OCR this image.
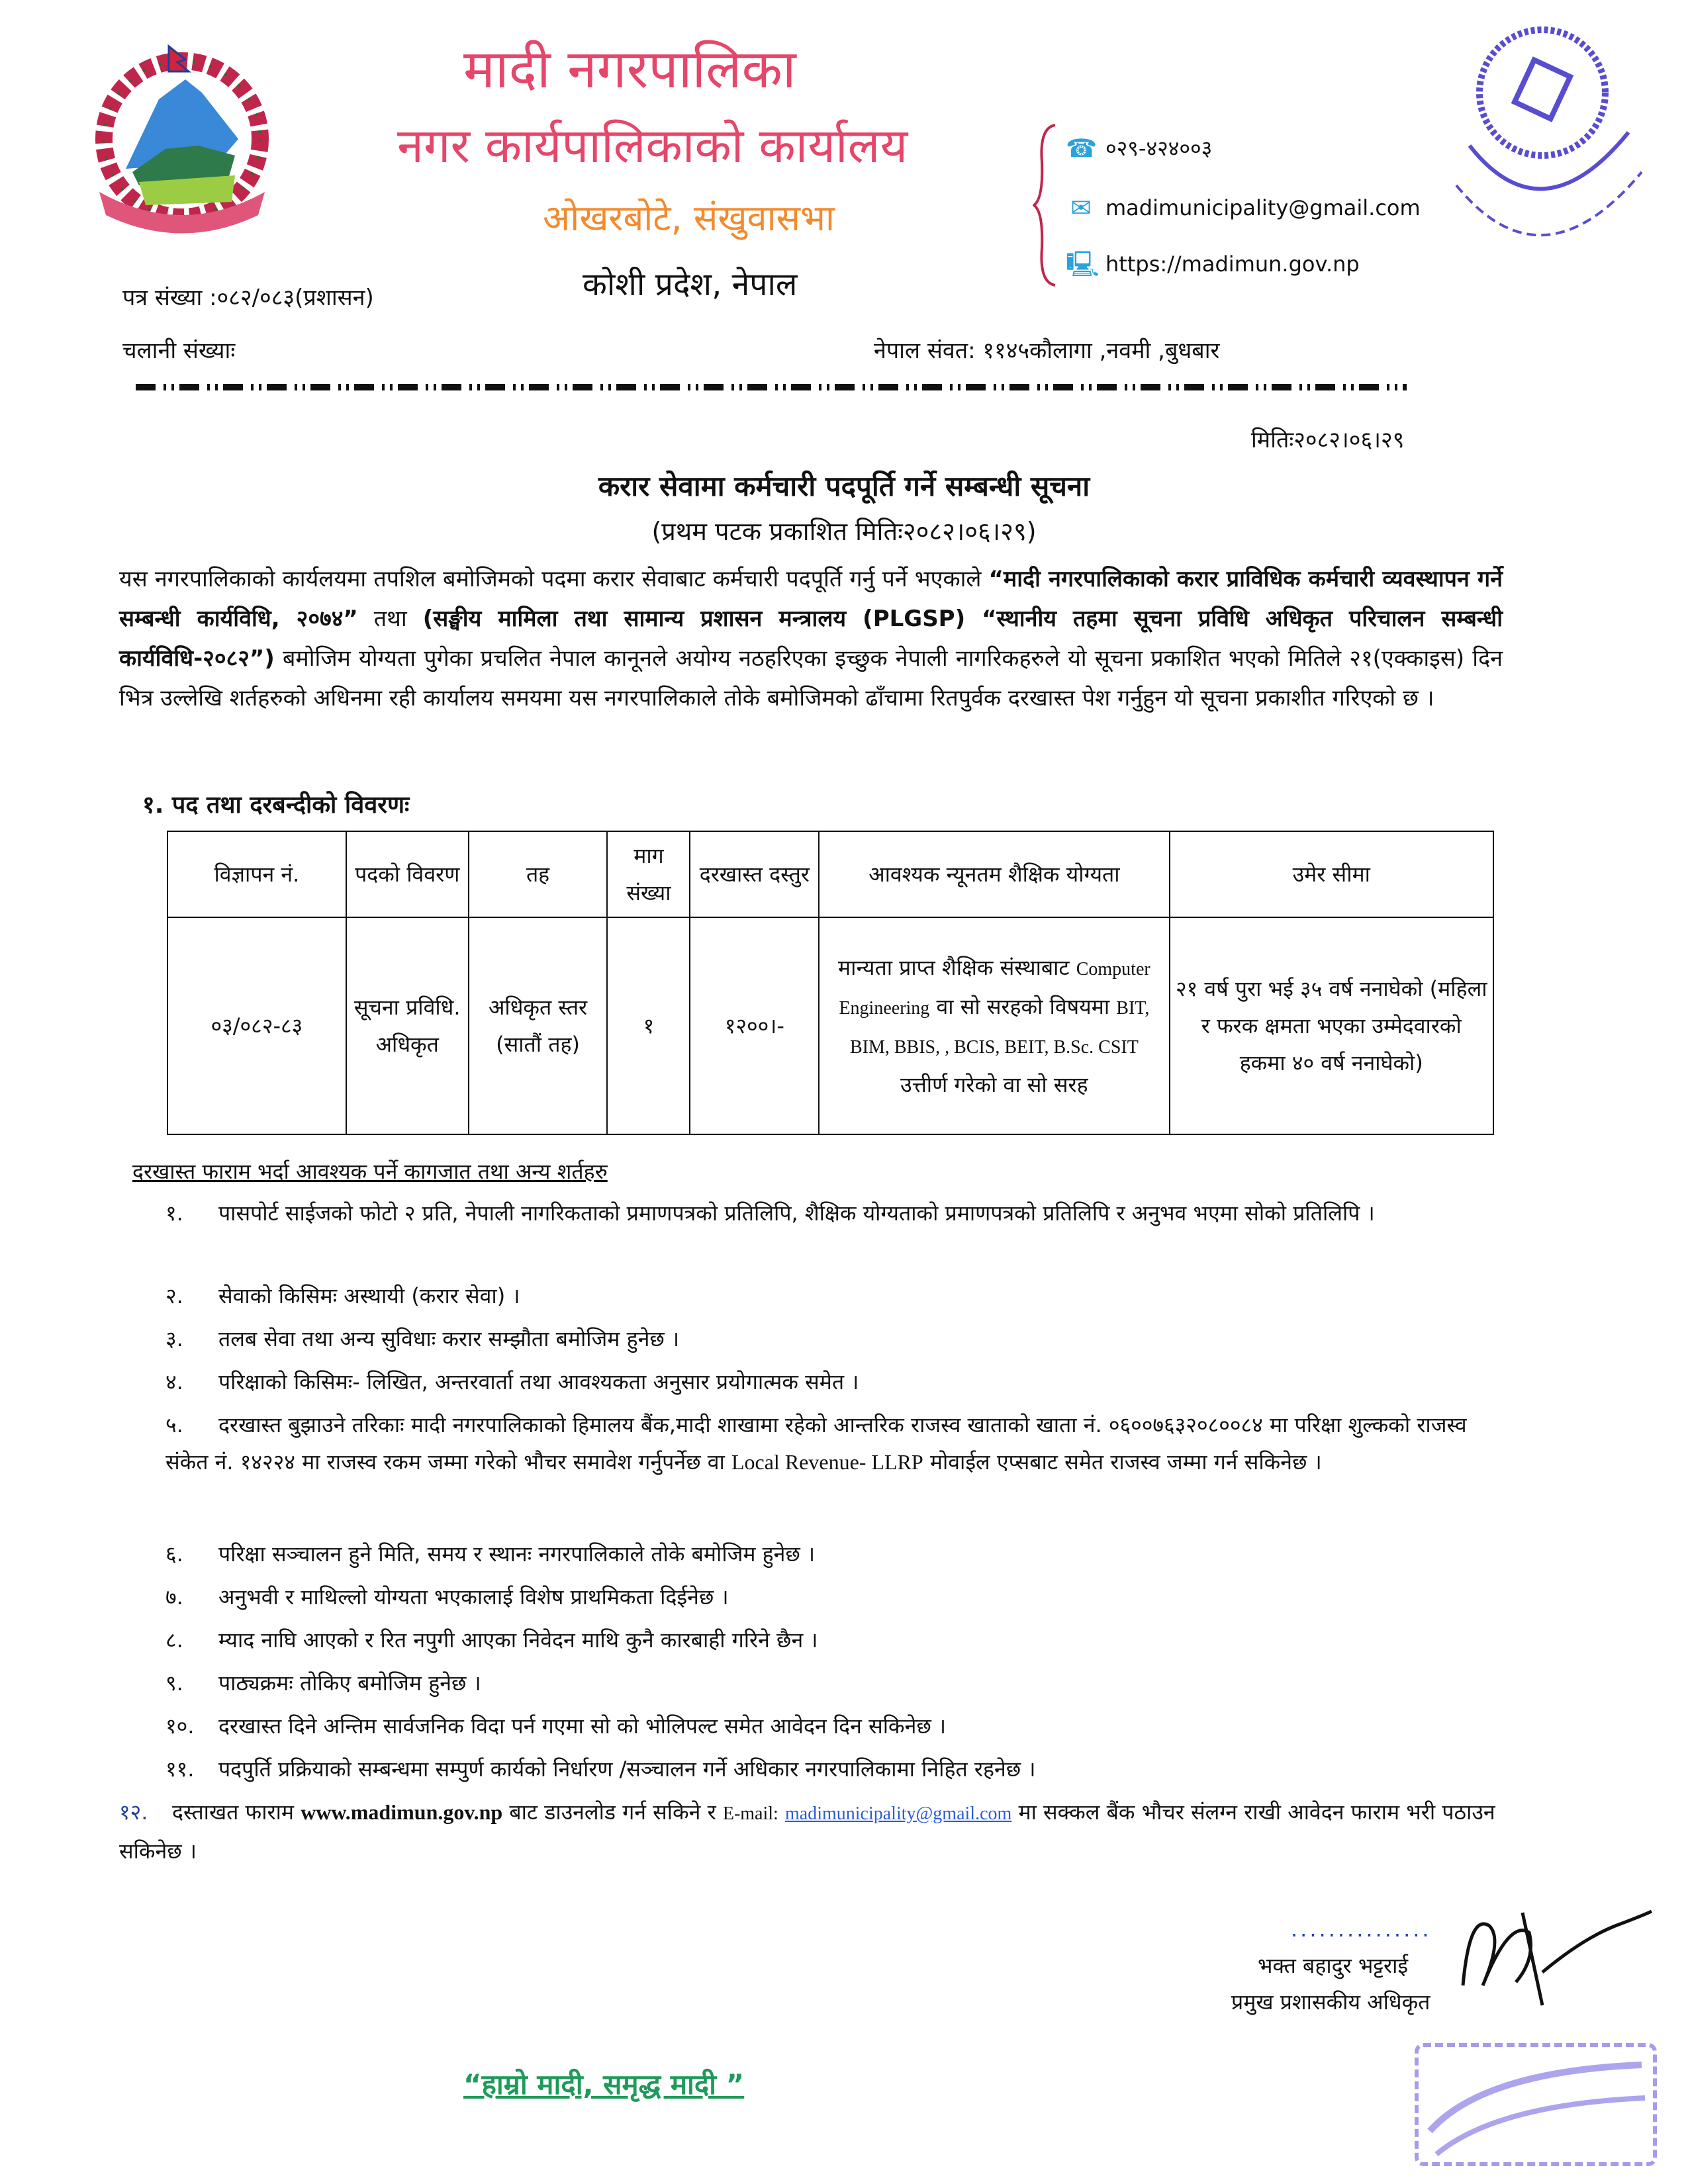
मादी नगरपालिका
नगर कार्यपालिकाको कार्यालय
ओखरबोटे, संखुवासभा
कोशी प्रदेश, नेपाल
☎ ०२९-४२४००३
✉ madimunicipality@gmail.com
🖳 https://madimun.gov.np
पत्र संख्या :०८२/०८३(प्रशासन)
चलानी संख्याः	नेपाल संवत: ११४५कौलागा ,नवमी ,बुधबार
मितिः२०८२।०६।२९
करार सेवामा कर्मचारी पदपूर्ति गर्ने सम्बन्धी सूचना
(प्रथम पटक प्रकाशित मितिः२०८२।०६।२९)
यस नगरपालिकाको कार्यलयमा तपशिल बमोजिमको पदमा करार सेवाबाट कर्मचारी पदपूर्ति गर्नु पर्ने भएकाले “मादी नगरपालिकाको करार प्राविधिक कर्मचारी व्यवस्थापन गर्ने सम्बन्धी कार्यविधि, २०७४” तथा (सङ्घीय मामिला तथा सामान्य प्रशासन मन्त्रालय (PLGSP) “स्थानीय तहमा सूचना प्रविधि अधिकृत परिचालन सम्बन्धी कार्यविधि-२०८२”) बमोजिम योग्यता पुगेका प्रचलित नेपाल कानूनले अयोग्य नठहरिएका इच्छुक नेपाली नागरिकहरुले यो सूचना प्रकाशित भएको मितिले २१(एक्काइस) दिन भित्र उल्लेखि शर्तहरुको अधिनमा रही कार्यालय समयमा यस नगरपालिकाले तोके बमोजिमको ढाँचामा रितपुर्वक दरखास्त पेश गर्नुहुन यो सूचना प्रकाशीत गरिएको छ ।
१. पद तथा दरबन्दीको विवरणः
विज्ञापन नं.	पदको विवरण	तह	माग संख्या	दरखास्त दस्तुर	आवश्यक न्यूनतम शैक्षिक योग्यता	उमेर सीमा
०३/०८२-८३	सूचना प्रविधि. अधिकृत	अधिकृत स्तर (सातौं तह)	१	१२००।-	मान्यता प्राप्त शैक्षिक संस्थाबाट Computer Engineering वा सो सरहको विषयमा BIT, BIM, BBIS, , BCIS, BEIT, B.Sc. CSIT उत्तीर्ण गरेको वा सो सरह	२१ वर्ष पुरा भई ३५ वर्ष ननाघेको (महिला र फरक क्षमता भएका उम्मेदवारको हकमा ४० वर्ष ननाघेको)
दरखास्त फाराम भर्दा आवश्यक पर्ने कागजात तथा अन्य शर्तहरु
१. पासपोर्ट साईजको फोटो २ प्रति, नेपाली नागरिकताको प्रमाणपत्रको प्रतिलिपि, शैक्षिक योग्यताको प्रमाणपत्रको प्रतिलिपि र अनुभव भएमा सोको प्रतिलिपि ।
२. सेवाको किसिमः अस्थायी (करार सेवा) ।
३. तलब सेवा तथा अन्य सुविधाः करार सम्झौता बमोजिम हुनेछ ।
४. परिक्षाको किसिमः- लिखित, अन्तरवार्ता तथा आवश्यकता अनुसार प्रयोगात्मक समेत ।
५. दरखास्त बुझाउने तरिकाः मादी नगरपालिकाको हिमालय बैंक,मादी शाखामा रहेको आन्तरिक राजस्व खाताको खाता नं. ०६००७६३२०८००८४ मा परिक्षा शुल्कको राजस्व संकेत नं. १४२२४ मा राजस्व रकम जम्मा गरेको भौचर समावेश गर्नुपर्नेछ वा Local Revenue- LLRP मोवाईल एप्सबाट समेत राजस्व जम्मा गर्न सकिनेछ ।
६. परिक्षा सञ्चालन हुने मिति, समय र स्थानः नगरपालिकाले तोके बमोजिम हुनेछ ।
७. अनुभवी र माथिल्लो योग्यता भएकालाई विशेष प्राथमिकता दिईनेछ ।
८. म्याद नाघि आएको र रित नपुगी आएका निवेदन माथि कुनै कारबाही गरिने छैन ।
९. पाठ्यक्रमः तोकिए बमोजिम हुनेछ ।
१०. दरखास्त दिने अन्तिम सार्वजनिक विदा पर्न गएमा सो को भोलिपल्ट समेत आवेदन दिन सकिनेछ ।
११. पदपुर्ति प्रक्रियाको सम्बन्धमा सम्पुर्ण कार्यको निर्धारण /सञ्चालन गर्ने अधिकार नगरपालिकामा निहित रहनेछ ।
१२. दस्ताखत फाराम www.madimun.gov.np बाट डाउनलोड गर्न सकिने र E-mail: madimunicipality@gmail.com मा सक्कल बैंक भौचर संलग्न राखी आवेदन फाराम भरी पठाउन सकिनेछ ।
...............
भक्त बहादुर भट्टराई
प्रमुख प्रशासकीय अधिकृत
“हाम्रो मादी, समृद्ध मादी ”
